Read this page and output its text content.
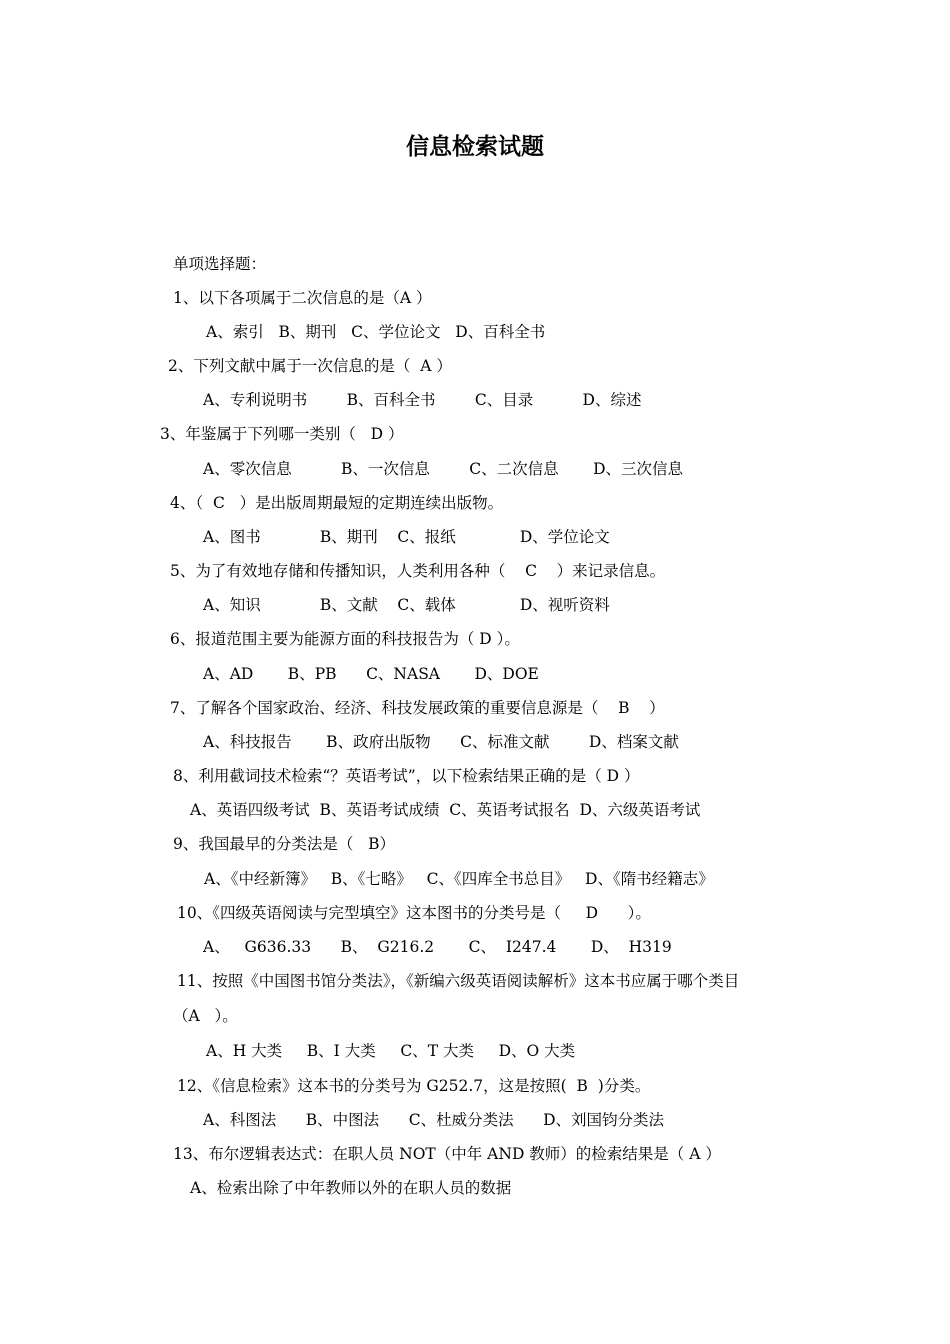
信息检索试题
单项选择题：
1、以下各项属于二次信息的是（A ）
A、索引   B、期刊   C、学位论文   D、百科全书
2、下列文献中属于一次信息的是（  A ）
A、专利说明书        B、百科全书        C、目录          D、综述
3、年鉴属于下列哪一类别（   D ）
A、零次信息          B、一次信息        C、二次信息       D、三次信息
4、（  C   ）是出版周期最短的定期连续出版物。
A、图书            B、期刊    C、报纸             D、学位论文
5、为了有效地存储和传播知识，人类利用各种（    C    ）来记录信息。
A、知识            B、文献    C、载体             D、视听资料
6、报道范围主要为能源方面的科技报告为（ D ）。
A、AD       B、PB      C、NASA       D、DOE
7、了解各个国家政治、经济、科技发展政策的重要信息源是（    B    ）
A、科技报告       B、政府出版物      C、标准文献        D、档案文献
8、利用截词技术检索“？英语考试”，以下检索结果正确的是（ D ）
A、英语四级考试  B、英语考试成绩  C、英语考试报名  D、六级英语考试
9、我国最早的分类法是（   B）
A、《中经新簿》   B、《七略》   C、《四库全书总目》   D、《隋书经籍志》
10、《四级英语阅读与完型填空》这本图书的分类号是（     D      ）。
A、   G636.33      B、  G216.2       C、  I247.4       D、  H319
11、按照《中国图书馆分类法》，《新编六级英语阅读解析》这本书应属于哪个类目
（A   ）。
A、H 大类     B、I 大类     C、T 大类     D、O 大类
12、《信息检索》这本书的分类号为 G252.7，这是按照(  B  )分类。
A、科图法      B、中图法      C、杜威分类法      D、刘国钧分类法
13、布尔逻辑表达式：在职人员 NOT（中年 AND 教师）的检索结果是（ A ）
A、检索出除了中年教师以外的在职人员的数据
